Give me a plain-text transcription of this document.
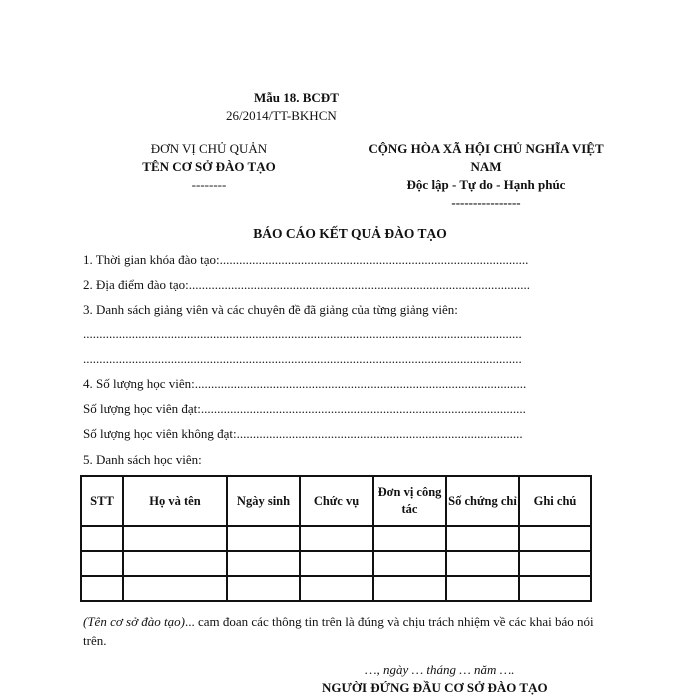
Mẫu 18. BCĐT
26/2014/TT-BKHCN
ĐƠN VỊ CHỦ QUẢN
TÊN CƠ SỞ ĐÀO TẠO
--------
CỘNG HÒA XÃ HỘI CHỦ NGHĨA VIỆT
NAM
Độc lập - Tự do - Hạnh phúc
----------------
BÁO CÁO KẾT QUẢ ĐÀO TẠO
1. Thời gian khóa đào tạo:...............................................................................................
2. Địa điểm đào tạo:.........................................................................................................
3. Danh sách giảng viên và các chuyên đề đã giảng của từng giảng viên:
.......................................................................................................................................
.......................................................................................................................................
4. Số lượng học viên:......................................................................................................
Số lượng học viên đạt:....................................................................................................
Số lượng học viên không đạt:........................................................................................
5. Danh sách học viên:
STT	Họ và tên	Ngày sinh	Chức vụ	Đơn vị công tác	Số chứng chỉ	Ghi chú

(Tên cơ sở đào tạo)... cam đoan các thông tin trên là đúng và chịu trách nhiệm về các khai báo nói trên.
…, ngày … tháng … năm ….
NGƯỜI ĐỨNG ĐẦU CƠ SỞ ĐÀO TẠO
